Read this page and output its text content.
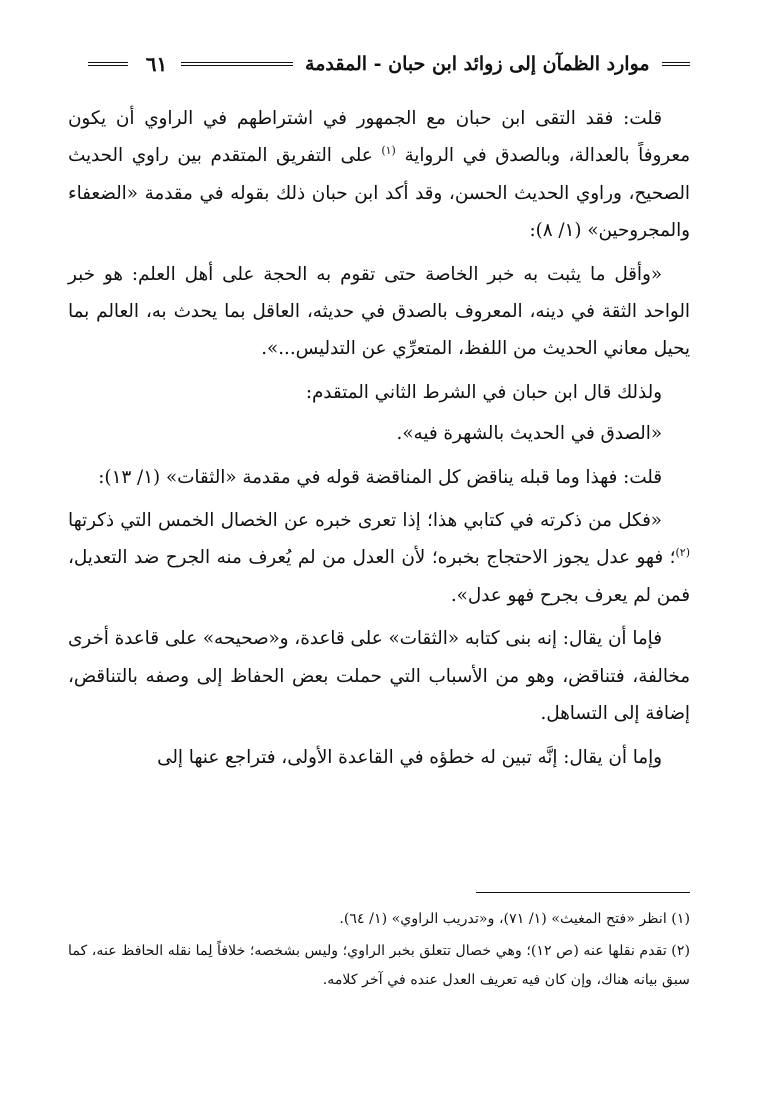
٦١	موارد الظمآن إلى زوائد ابن حبان - المقدمة

قلت: فقد التقى ابن حبان مع الجمهور في اشتراطهم في الراوي أن يكون معروفاً بالعدالة، وبالصدق في الرواية $^{(١)}$ على التفريق المتقدم بين راوي الحديث الصحيح، وراوي الحديث الحسن، وقد أكد ابن حبان ذلك بقوله في مقدمة «الضعفاء والمجروحين» (١/ ٨):

«وأقل ما يثبت به خبر الخاصة حتى تقوم به الحجة على أهل العلم: هو خبر الواحد الثقة في دينه، المعروف بالصدق في حديثه، العاقل بما يحدث به، العالم بما يحيل معاني الحديث من اللفظ، المتعرِّي عن التدليس...».

ولذلك قال ابن حبان في الشرط الثاني المتقدم:

«الصدق في الحديث بالشهرة فيه».

قلت: فهذا وما قبله يناقض كل المناقضة قوله في مقدمة «الثقات» (١/ ١٣):

«فكل من ذكرته في كتابي هذا؛ إذا تعرى خبره عن الخصال الخمس التي ذكرتها $^{(٢)}$؛ فهو عدل يجوز الاحتجاج بخبره؛ لأن العدل من لم يُعرف منه الجرح ضد التعديل، فمن لم يعرف بجرح فهو عدل».

فإما أن يقال: إنه بنى كتابه «الثقات» على قاعدة، و«صحيحه» على قاعدة أخرى مخالفة، فتناقض، وهو من الأسباب التي حملت بعض الحفاظ إلى وصفه بالتناقض، إضافة إلى التساهل.

وإما أن يقال: إنَّه تبين له خطؤه في القاعدة الأولى، فتراجع عنها إلى

(١) انظر «فتح المغيث» (١/ ٧١)، و«تدريب الراوي» (١/ ٦٤).

(٢) تقدم نقلها عنه (ص ١٢)؛ وهي خصال تتعلق بخبر الراوي؛ وليس بشخصه؛ خلافاً لِما نقله الحافظ عنه، كما سبق بيانه هناك، وإن كان فيه تعريف العدل عنده في آخر كلامه.
